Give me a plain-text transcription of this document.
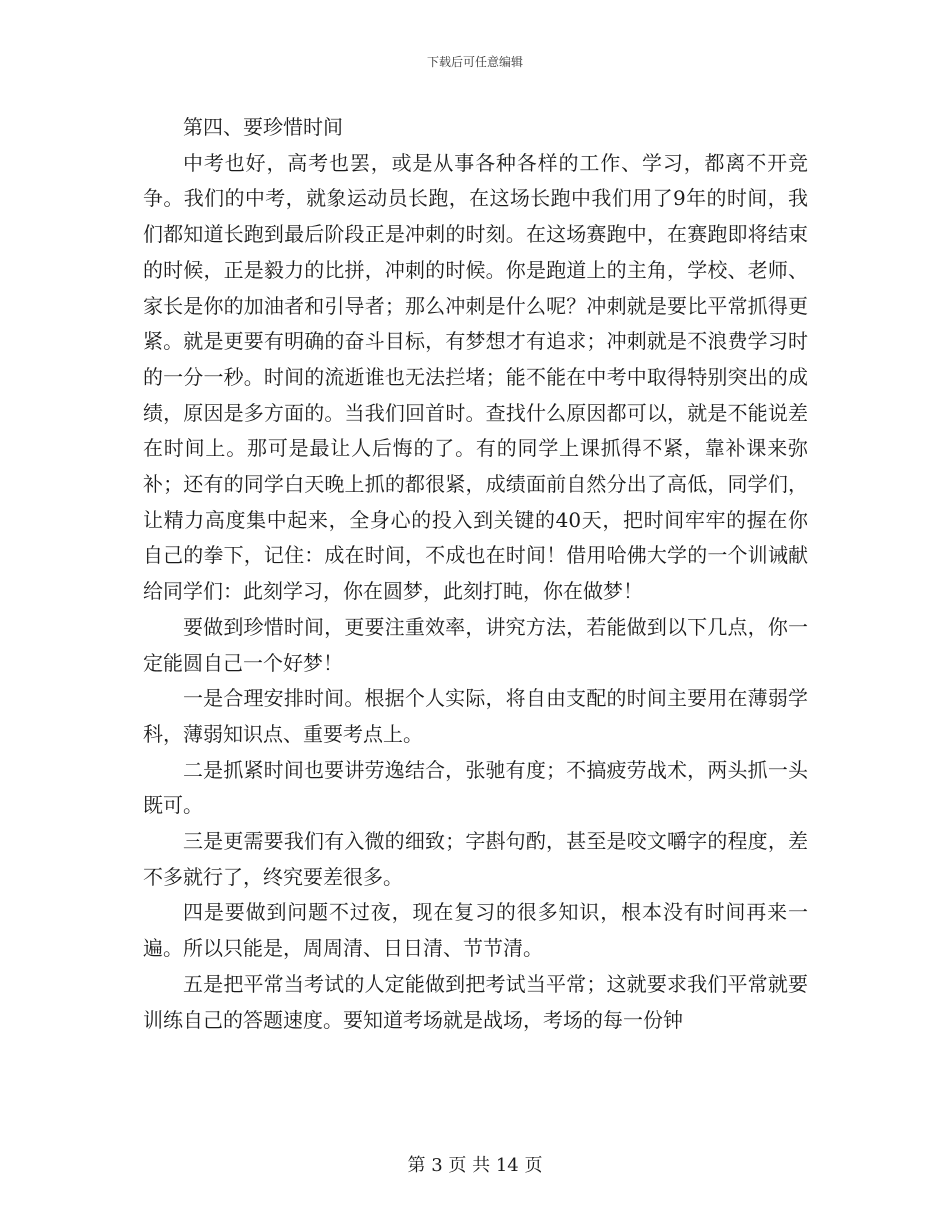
下载后可任意编辑

第四、要珍惜时间

中考也好，高考也罢，或是从事各种各样的工作、学习，都离不开竞争。我们的中考，就象运动员长跑，在这场长跑中我们用了9年的时间，我们都知道长跑到最后阶段正是冲刺的时刻。在这场赛跑中，在赛跑即将结束的时候，正是毅力的比拼，冲刺的时候。你是跑道上的主角，学校、老师、家长是你的加油者和引导者；那么冲刺是什么呢？冲刺就是要比平常抓得更紧。就是更要有明确的奋斗目标，有梦想才有追求；冲刺就是不浪费学习时的一分一秒。时间的流逝谁也无法拦堵；能不能在中考中取得特别突出的成绩，原因是多方面的。当我们回首时。查找什么原因都可以，就是不能说差在时间上。那可是最让人后悔的了。有的同学上课抓得不紧，靠补课来弥补；还有的同学白天晚上抓的都很紧，成绩面前自然分出了高低，同学们，让精力高度集中起来，全身心的投入到关键的40天，把时间牢牢的握在你自己的拳下，记住：成在时间，不成也在时间！借用哈佛大学的一个训诫献给同学们：此刻学习，你在圆梦，此刻打盹，你在做梦！

要做到珍惜时间，更要注重效率，讲究方法，若能做到以下几点，你一定能圆自己一个好梦！

一是合理安排时间。根据个人实际，将自由支配的时间主要用在薄弱学科，薄弱知识点、重要考点上。

二是抓紧时间也要讲劳逸结合，张驰有度；不搞疲劳战术，两头抓一头既可。

三是更需要我们有入微的细致；字斟句酌，甚至是咬文嚼字的程度，差不多就行了，终究要差很多。

四是要做到问题不过夜，现在复习的很多知识，根本没有时间再来一遍。所以只能是，周周清、日日清、节节清。

五是把平常当考试的人定能做到把考试当平常；这就要求我们平常就要训练自己的答题速度。要知道考场就是战场，考场的每一份钟

第 3 页 共 14 页
